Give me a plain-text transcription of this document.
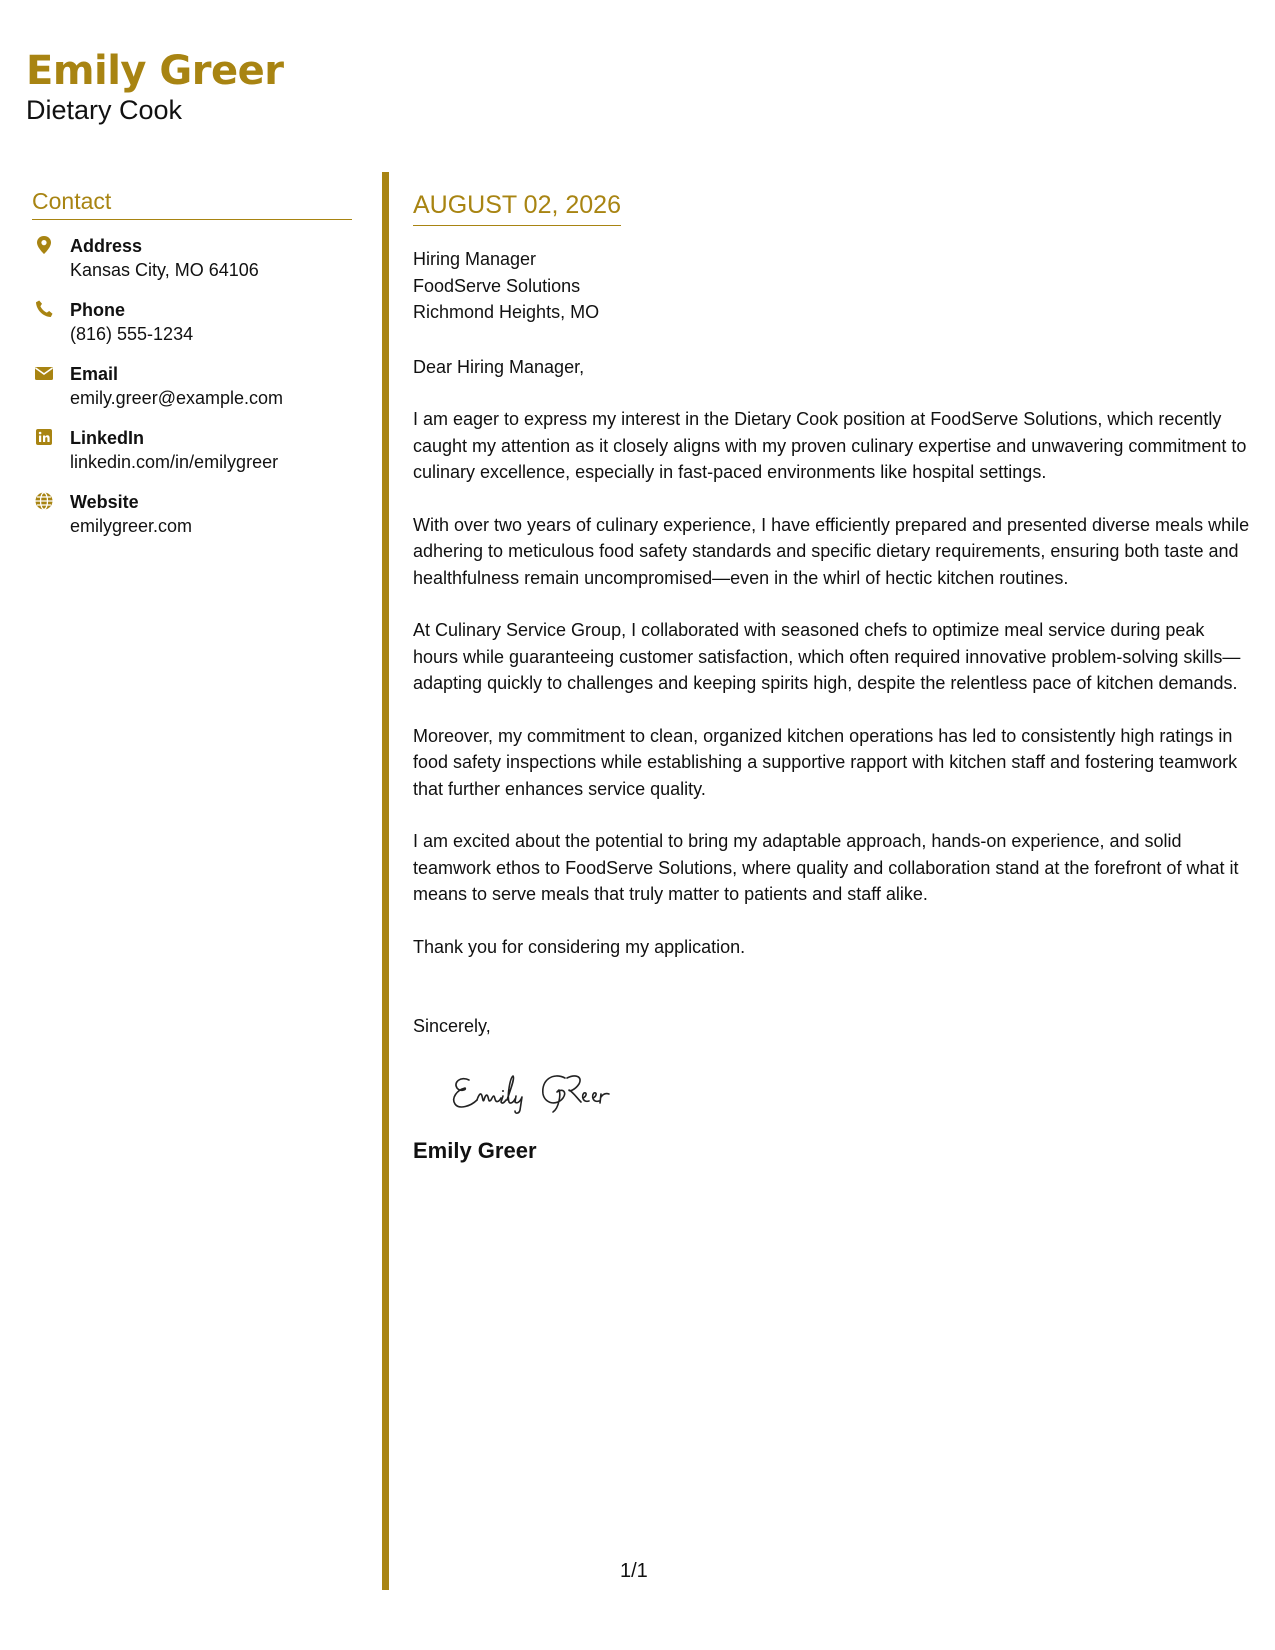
Emily Greer
Dietary Cook
Contact
Address
Kansas City, MO 64106
Phone
(816) 555-1234
Email
emily.greer@example.com
LinkedIn
linkedin.com/in/emilygreer
Website
emilygreer.com
AUGUST 02, 2026
Hiring Manager
FoodServe Solutions
Richmond Heights, MO
Dear Hiring Manager,
I am eager to express my interest in the Dietary Cook position at FoodServe Solutions, which recently caught my attention as it closely aligns with my proven culinary expertise and unwavering commitment to culinary excellence, especially in fast-paced environments like hospital settings.
With over two years of culinary experience, I have efficiently prepared and presented diverse meals while adhering to meticulous food safety standards and specific dietary requirements, ensuring both taste and healthfulness remain uncompromised—even in the whirl of hectic kitchen routines.
At Culinary Service Group, I collaborated with seasoned chefs to optimize meal service during peak hours while guaranteeing customer satisfaction, which often required innovative problem-solving skills—adapting quickly to challenges and keeping spirits high, despite the relentless pace of kitchen demands.
Moreover, my commitment to clean, organized kitchen operations has led to consistently high ratings in food safety inspections while establishing a supportive rapport with kitchen staff and fostering teamwork that further enhances service quality.
I am excited about the potential to bring my adaptable approach, hands-on experience, and solid teamwork ethos to FoodServe Solutions, where quality and collaboration stand at the forefront of what it means to serve meals that truly matter to patients and staff alike.
Thank you for considering my application.
Sincerely,
Emily Greer
1/1
